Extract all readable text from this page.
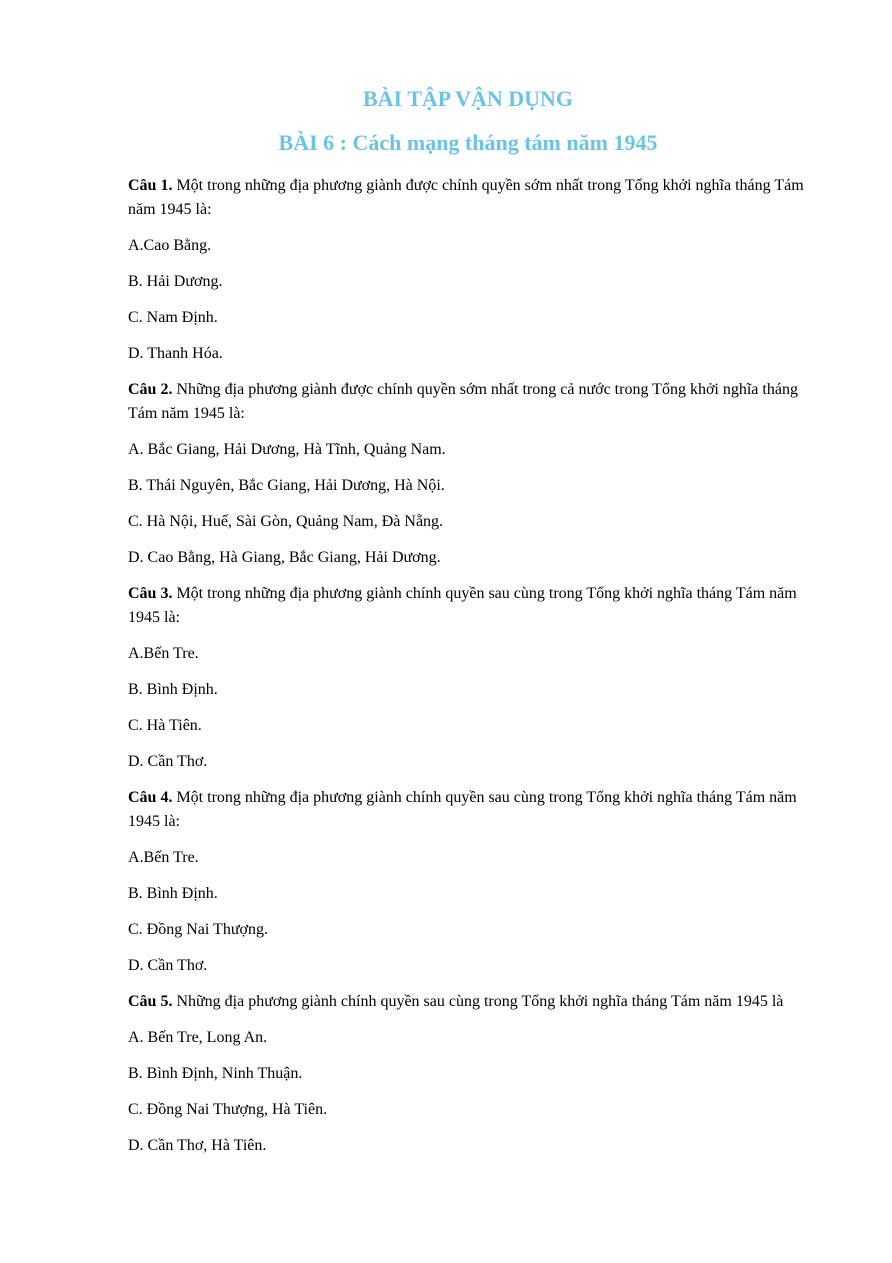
BÀI TẬP VẬN DỤNG
BÀI 6 : Cách mạng tháng tám năm 1945

Câu 1. Một trong những địa phương giành được chính quyền sớm nhất trong Tổng khởi nghĩa tháng Tám năm 1945 là:

A.Cao Bằng.

B. Hải Dương.

C. Nam Định.

D. Thanh Hóa.

Câu 2. Những địa phương giành được chính quyền sớm nhất trong cả nước trong Tổng khởi nghĩa tháng Tám năm 1945 là:

A. Bắc Giang, Hải Dương, Hà Tĩnh, Quảng Nam.

B. Thái Nguyên, Bắc Giang, Hải Dương, Hà Nội.

C. Hà Nội, Huế, Sài Gòn, Quảng Nam, Đà Nẵng.

D. Cao Bằng, Hà Giang, Bắc Giang, Hải Dương.

Câu 3. Một trong những địa phương giành chính quyền sau cùng trong Tổng khởi nghĩa tháng Tám năm 1945 là:

A.Bến Tre.

B. Bình Định.

C. Hà Tiên.

D. Cần Thơ.

Câu 4. Một trong những địa phương giành chính quyền sau cùng trong Tổng khởi nghĩa tháng Tám năm 1945 là:

A.Bến Tre.

B. Bình Định.

C. Đồng Nai Thượng.

D. Cần Thơ.

Câu 5. Những địa phương giành chính quyền sau cùng trong Tổng khởi nghĩa tháng Tám năm 1945 là

A. Bến Tre, Long An.

B. Bình Định, Ninh Thuận.

C. Đồng Nai Thượng, Hà Tiên.

D. Cần Thơ, Hà Tiên.
